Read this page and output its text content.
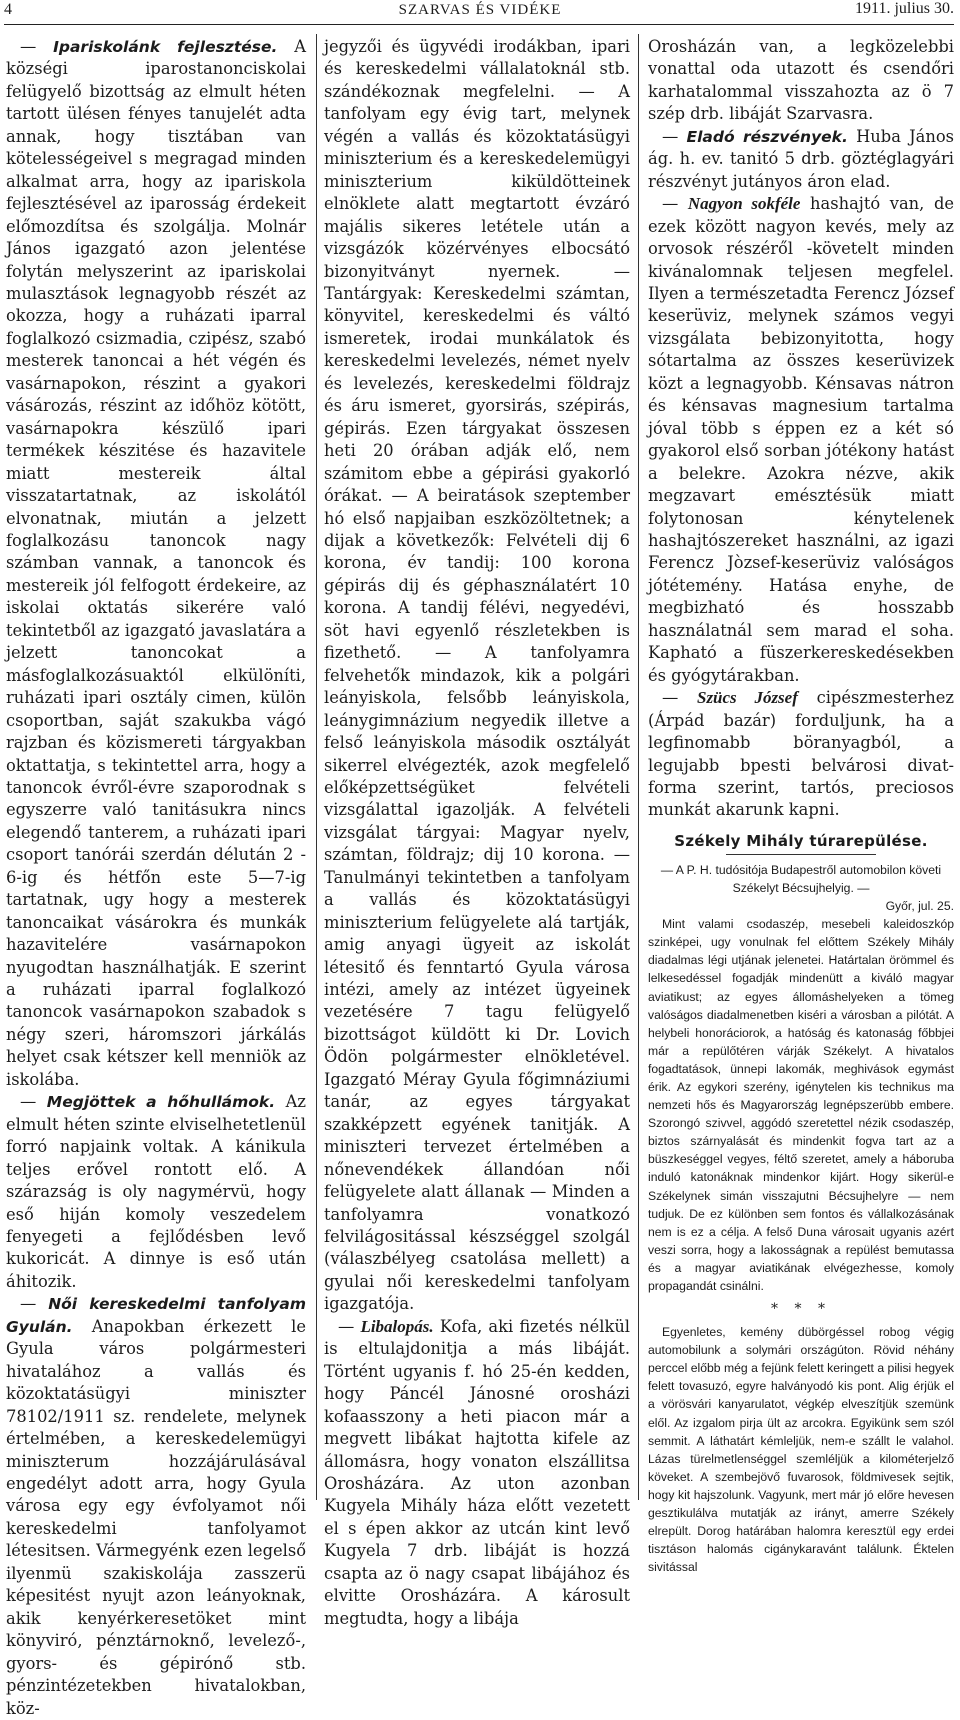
4	SZARVAS ÉS VIDÉKE	1911. julius 30.

— Ipariskolánk fejlesztése. A községi iparostanonciskolai felügyelő bizottság az elmult héten tartott ülésen fényes tanujelét adta annak, hogy tisztában van kötelességeivel s megragad minden alkalmat arra, hogy az ipariskola fejlesztésével az iparosság érdekeit előmozdítsa és szolgálja. Molnár János igazgató azon jelentése folytán melyszerint az ipariskolai mulasztások legnagyobb részét az okozza, hogy a ruházati iparral foglalkozó csizmadia, czipész, szabó mesterek tanoncai a hét végén és vasárnapokon, részint a gyakori vásározás, részint az időhöz kötött, vasárnapokra készülő ipari termékek készitése és hazavitele miatt mestereik által visszatartatnak, az iskolától elvonatnak, miután a jelzett foglalkozásu tanoncok nagy számban vannak, a tanoncok és mestereik jól felfogott érdekeire, az iskolai oktatás sikerére való tekintetből az igazgató javaslatára a jelzett tanoncokat a másfoglalkozásuaktól elkülöníti, ruházati ipari osztály cimen, külön csoportban, saját szakukba vágó rajzban és közismereti tárgyakban oktattatja, s tekintettel arra, hogy a tanoncok évről-évre szaporodnak s egyszerre való tanitásukra nincs elegendő tanterem, a ruházati ipari csoport tanórái szerdán délután 2 - 6-ig és hétfőn este 5—7-ig tartatnak, ugy hogy a mesterek tanoncaikat vásárokra és munkák hazavitelére vasárnapokon nyugodtan használhatják. E szerint a ruházati iparral foglalkozó tanoncok vasárnapokon szabadok s négy szeri, háromszori járkálás helyet csak kétszer kell menniök az iskolába.

— Megjöttek a hőhullámok. Az elmult héten szinte elviselhetetlenül forró napjaink voltak. A kánikula teljes erővel rontott elő. A szárazság is oly nagymérvü, hogy eső hiján komoly veszedelem fenyegeti a fejlődésben levő kukoricát. A dinnye is eső után áhitozik.

— Női kereskedelmi tanfolyam Gyulán. Anapokban érkezett le Gyula város polgármesteri hivatalához a vallás és közoktatásügyi miniszter 78102/1911 sz. rendelete, melynek értelmében, a kereskedelemügyi miniszterum hozzájárulásával engedélyt adott arra, hogy Gyula városa egy egy évfolyamot női kereskedelmi tanfolyamot létesitsen. Vármegyénk ezen legelső ilyenmü szakiskolája zasszerü képesitést nyujt azon leányoknak, akik kenyérkeresetöket mint könyvirό, pénztárnoknő, levelező-, gyors- és gépirónő stb. pénzintézetekben hivatalokban, köz-

jegyzői és ügyvédi irodákban, ipari és kereskedelmi vállalatoknál stb. szándékoznak megfelelni. — A tanfolyam egy évig tart, melynek végén a vallás és közoktatásügyi miniszterium és a kereskedelemügyi miniszterium kiküldötteinek elnöklete alatt megtartott évzáró majális sikeres letétele után a vizsgázók közérvényes elbocsátó bizonyitványt nyernek. — Tantárgyak: Kereskedelmi számtan, könyvitel, kereskedelmi és váltó ismeretek, irodai munkálatok és kereskedelmi levelezés, német nyelv és levelezés, kereskedelmi földrajz és áru ismeret, gyorsirás, szépirás, gépirás. Ezen tárgyakat összesen heti 20 órában adják elő, nem számitom ebbe a gépirási gyakorló órákat. — A beiratások szeptember hó első napjaiban eszközöltetnek; a dijak a következők: Felvételi dij 6 korona, év tandij: 100 korona gépirás dij és géphasználatért 10 korona. A tandij félévi, negyedévi, söt havi egyenlő részletekben is fizethető. — A tanfolyamra felvehetők mindazok, kik a polgári leányiskola, felsőbb leányiskola, leánygimnázium negyedik illetve a felső leányiskola második osztályát sikerrel elvégezték, azok megfelelő előképzettségüket felvételi vizsgálattal igazolják. A felvételi vizsgálat tárgyai: Magyar nyelv, számtan, földrajz; dij 10 korona. — Tanulmányi tekintetben a tanfolyam a vallás és közoktatásügyi miniszterium felügyelete alá tartják, amig anyagi ügyeit az iskolát létesitő és fenntartó Gyula városa intézi, amely az intézet ügyeinek vezetésére 7 tagu felügyelő bizottságot küldött ki Dr. Lovich Ödön polgármester elnökletével. Igazgató Méray Gyula főgimnáziumi tanár, az egyes tárgyakat szakképzett egyének tanitják. A miniszteri tervezet értelmében a nőnevendékek állandóan női felügyelete alatt állanak — Minden a tanfolyamra vonatkozó felvilágositással készséggel szolgál (válaszbélyeg csatolása mellett) a gyulai női kereskedelmi tanfolyam igazgatója.

— Libalopás. Kofa, aki fizetés nélkül is eltulajdonitja a más libáját. Történt ugyanis f. hó 25-én kedden, hogy Páncél Jánosné orosházi kofaasszony a heti piacon már a megvett libákat hajtotta kifele az állomásra, hogy vonaton elszállitsa Orosházára. Az uton azonban Kugyela Mihály háza előtt vezetett el s épen akkor az utcán kint levő Kugyela 7 drb. libáját is hozzá csapta az ö nagy csapat libájához és elvitte Orosházára. A károsult megtudta, hogy a libája

Orosházán van, a legközelebbi vonattal oda utazott és csendőri karhatalommal visszahozta az ö 7 szép drb. libáját Szarvasra.

— Eladó részvények. Huba János ág. h. ev. tanitó 5 drb. göztéglagyári részvényt jutányos áron elad.

— Nagyon sokféle hashajtó van, de ezek között nagyon kevés, mely az orvosok részéről -követelt minden kivánalomnak teljesen megfelel. Ilyen a természetadta Ferencz József keserüviz, melynek számos vegyi vizsgálata bebizonyitotta, hogy sótartalma az összes keserüvizek közt a legnagyobb. Kénsavas nátron és kénsavas magnesium tartalma jóval több s éppen ez a két só gyakorol első sorban jótékony hatást a belekre. Azokra nézve, akik megzavart emésztésük miatt folytonosan kénytelenek hashajtószereket használni, az igazi Ferencz Jòzsef-keserüviz valóságos jótétemény. Hatása enyhe, de megbizható és hosszabb használatnál sem marad el soha. Kapható a füszerkereskedésekben és gyógytárakban.

— Szücs József cipészmesterhez (Árpád bazár) forduljunk, ha a legfinomabb böranyagból, a legujabb bpesti belvárosi divat-forma szerint, tartós, preciosos munkát akarunk kapni.

Székely Mihály túrarepülése.

— A P. H. tudósitója Budapestről automobilon követi Székelyt Bécsujhelyig. —

Győr, jul. 25.

Mint valami csodaszép, mesebeli kaleidoszkóp szinképei, ugy vonulnak fel előttem Székely Mihály diadalmas légi utjának jelenetei. Határtalan örömmel és lelkesedéssel fogadják mindenütt a kiváló magyar aviatikust; az egyes állomáshelyeken a tömeg valóságos diadalmenetben kiséri a városban a pilótát. A helybeli honoráciorok, a hatóság és katonaság főbbjei már a repülőtéren várják Székelyt. A hivatalos fogadtatások, ünnepi lakomák, meghivások egymást érik. Az egykori szerény, igénytelen kis technikus ma nemzeti hős és Magyarország legnépszerübb embere. Szorongó szivvel, aggódó szeretettel nézik csodaszép, biztos szárnyalását és mindenkit fogva tart az a büszkeséggel vegyes, féltő szeretet, amely a háboruba induló katonáknak mindenkor kijárt. Hogy sikerül-e Székelynek simán visszajutni Bécsujhelyre — nem tudjuk. De ez különben sem fontos és vállalkozásának nem is ez a célja. A felső Duna városait ugyanis azért veszi sorra, hogy a lakosságnak a repülést bemutassa és a magyar aviatikának elvégezhesse, komoly propagandát csinálni.

* * *

Egyenletes, kemény dübörgéssel robog végig automobilunk a solymári országúton. Rövid néhány perccel előbb még a fejünk felett keringett a pilisi hegyek felett tovasuzó, egyre halványodó kis pont. Alig érjük el a vörösvári kanyarulatot, végkép elveszítjük szemünk elől. Az izgalom pirja ült az arcokra. Egyikünk sem szól semmit. A láthatárt kémleljük, nem-e szállt le valahol. Lázas türelmetlenséggel szemléljük a kilométerjelző köveket. A szembejövő fuvarosok, földmivesek sejtik, hogy kit hajszolunk. Vagyunk, mert már jó előre hevesen gesztikulálva mutatják az irányt, amerre Székely elrepült. Dorog határában halomra keresztül egy erdei tisztáson halomás cigánykaravánt találunk. Éktelen sivitással
